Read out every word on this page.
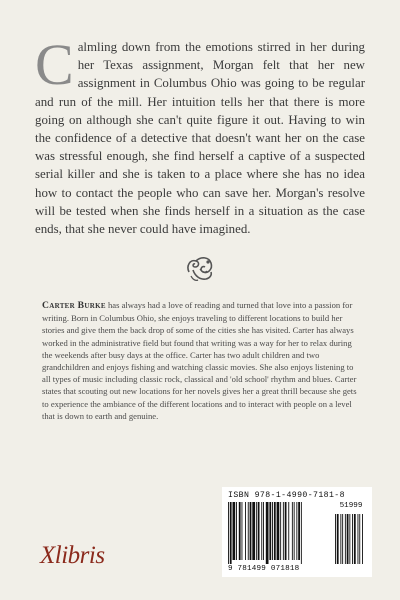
Calmling down from the emotions stirred in her during her Texas assignment, Morgan felt that her new assignment in Columbus Ohio was going to be regular and run of the mill. Her intuition tells her that there is more going on although she can't quite figure it out. Having to win the confidence of a detective that doesn't want her on the case was stressful enough, she find herself a captive of a suspected serial killer and she is taken to a place where she has no idea how to contact the people who can save her. Morgan's resolve will be tested when she finds herself in a situation as the case ends, that she never could have imagined.

Carter Burke has always had a love of reading and turned that love into a passion for writing. Born in Columbus Ohio, she enjoys traveling to different locations to build her stories and give them the back drop of some of the cities she has visited. Carter has always worked in the administrative field but found that writing was a way for her to relax during the weekends after busy days at the office. Carter has two adult children and two grandchildren and enjoys fishing and watching classic movies. She also enjoys listening to all types of music including classic rock, classical and 'old school' rhythm and blues. Carter states that scouting out new locations for her novels gives her a great thrill because she gets to experience the ambiance of the different locations and to interact with people on a level that is down to earth and genuine.

Xlibris
ISBN 978-1-4990-7181-8
9 781499 071818
51999
